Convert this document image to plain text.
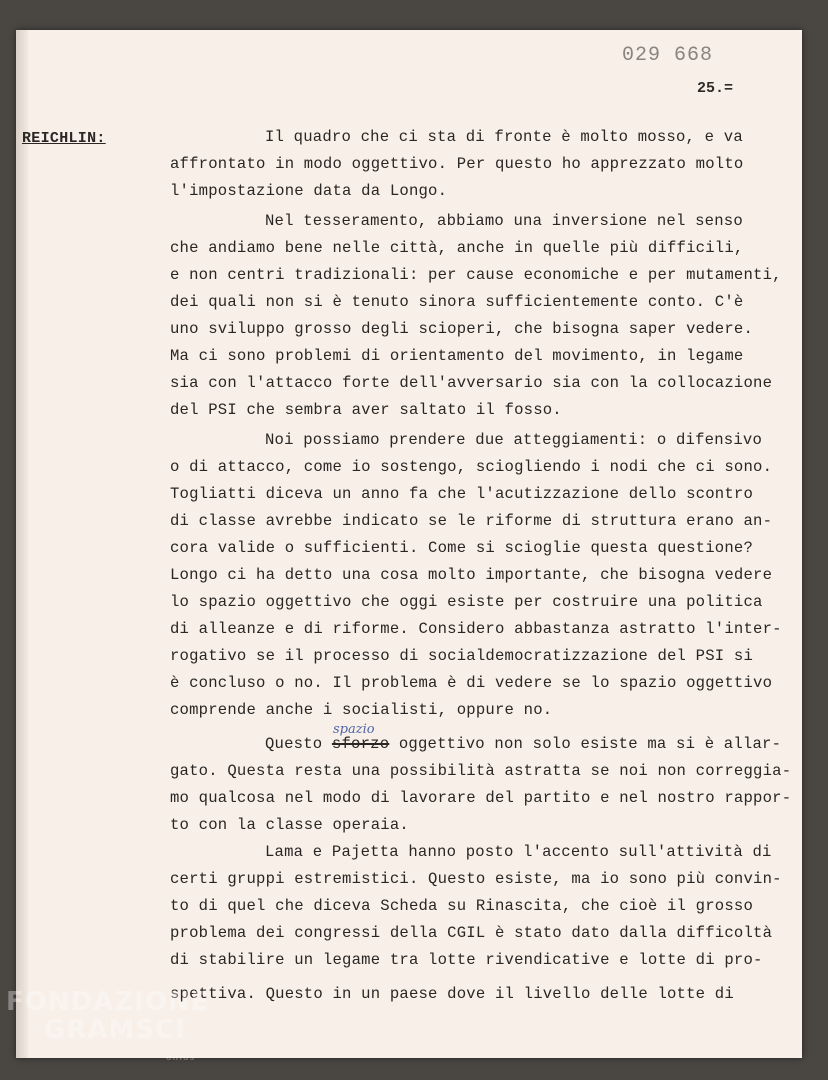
029 668
25.=
REICHLIN:	Il quadro che ci sta di fronte è molto mosso, e va
affrontato in modo oggettivo. Per questo ho apprezzato molto
l'impostazione data da Longo.
Nel tesseramento, abbiamo una inversione nel senso
che andiamo bene nelle città, anche in quelle più difficili,
e non centri tradizionali: per cause economiche e per mutamenti,
dei quali non si è tenuto sinora sufficientemente conto. C'è
uno sviluppo grosso degli scioperi, che bisogna saper vedere.
Ma ci sono problemi di orientamento del movimento, in legame
sia con l'attacco forte dell'avversario sia con la collocazione
del PSI che sembra aver saltato il fosso.
Noi possiamo prendere due atteggiamenti: o difensivo
o di attacco, come io sostengo, sciogliendo i nodi che ci sono.
Togliatti diceva un anno fa che l'acutizzazione dello scontro
di classe avrebbe indicato se le riforme di struttura erano an-
cora valide o sufficienti. Come si scioglie questa questione?
Longo ci ha detto una cosa molto importante, che bisogna vedere
lo spazio oggettivo che oggi esiste per costruire una politica
di alleanze e di riforme. Considero abbastanza astratto l'inter-
rogativo se il processo di socialdemocratizzazione del PSI si
è concluso o no. Il problema è di vedere se lo spazio oggettivo
comprende anche i socialisti, oppure no.
spazio
Questo sforzo oggettivo non solo esiste ma si è allar-
gato. Questa resta una possibilità astratta se noi non correggia-
mo qualcosa nel modo di lavorare del partito e nel nostro rappor-
to con la classe operaia.
Lama e Pajetta hanno posto l'accento sull'attività di
certi gruppi estremistici. Questo esiste, ma io sono più convin-
to di quel che diceva Scheda su Rinascita, che cioè il grosso
problema dei congressi della CGIL è stato dato dalla difficoltà
di stabilire un legame tra lotte rivendicative e lotte di pro-
spettiva. Questo in un paese dove il livello delle lotte di
FONDAZIONE
GRAMSCI
onlus
